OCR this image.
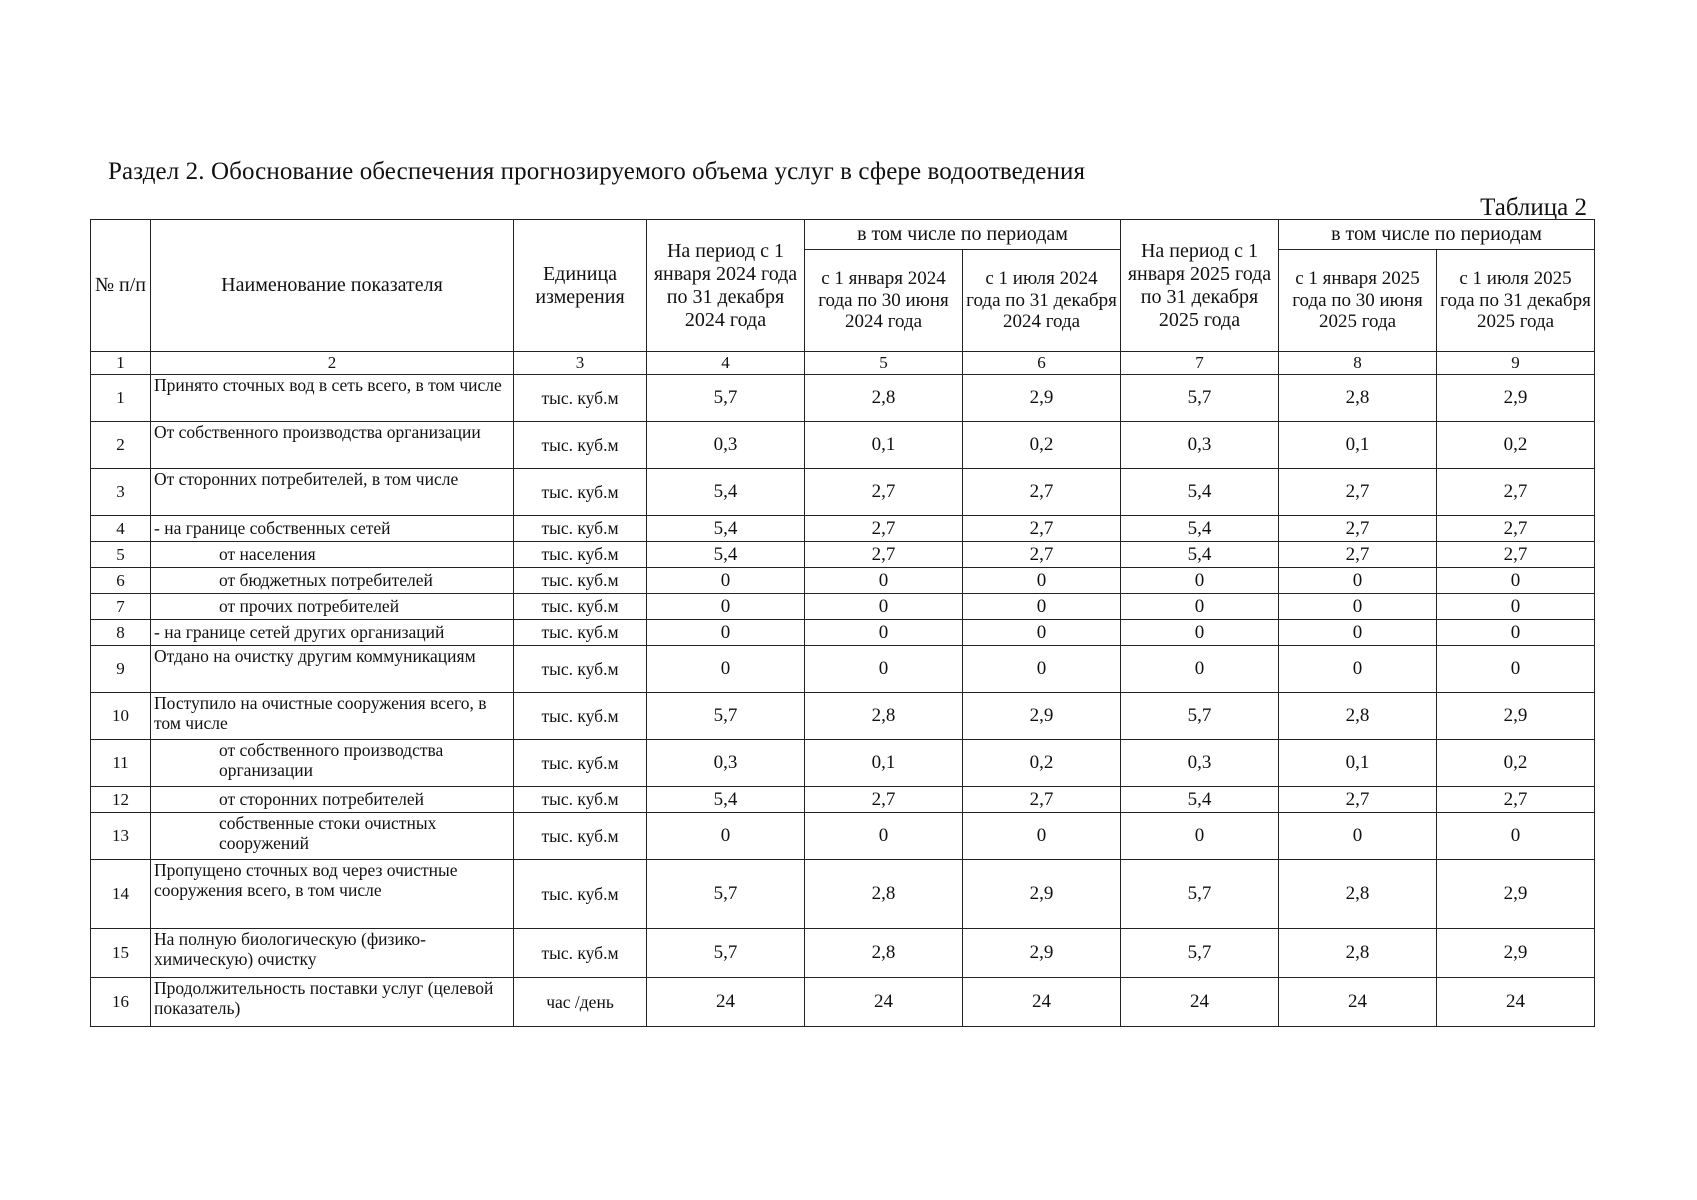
Раздел 2. Обоснование обеспечения прогнозируемого объема услуг в сфере водоотведения
Таблица 2
№ п/п	Наименование показателя	Единица измерения	На период с 1 января 2024 года по 31 декабря 2024 года	в том числе по периодам		На период с 1 января 2025 года по 31 декабря 2025 года	в том числе по периодам	
				с 1 января 2024 года по 30 июня 2024 года	с 1 июля 2024 года по 31 декабря 2024 года		с 1 января 2025 года по 30 июня 2025 года	с 1 июля 2025 года по 31 декабря 2025 года
1	2	3	4	5	6	7	8	9
1	Принято сточных вод в сеть всего, в том числе	тыс. куб.м	5,7	2,8	2,9	5,7	2,8	2,9
2	От собственного производства организации	тыс. куб.м	0,3	0,1	0,2	0,3	0,1	0,2
3	От сторонних потребителей, в том числе	тыс. куб.м	5,4	2,7	2,7	5,4	2,7	2,7
4	- на границе собственных сетей	тыс. куб.м	5,4	2,7	2,7	5,4	2,7	2,7
5	от населения	тыс. куб.м	5,4	2,7	2,7	5,4	2,7	2,7
6	от бюджетных потребителей	тыс. куб.м	0	0	0	0	0	0
7	от прочих потребителей	тыс. куб.м	0	0	0	0	0	0
8	- на границе сетей других организаций	тыс. куб.м	0	0	0	0	0	0
9	Отдано на очистку другим коммуникациям	тыс. куб.м	0	0	0	0	0	0
10	Поступило на очистные сооружения всего, в том числе	тыс. куб.м	5,7	2,8	2,9	5,7	2,8	2,9
11	от собственного производства организации	тыс. куб.м	0,3	0,1	0,2	0,3	0,1	0,2
12	от сторонних потребителей	тыс. куб.м	5,4	2,7	2,7	5,4	2,7	2,7
13	собственные стоки очистных сооружений	тыс. куб.м	0	0	0	0	0	0
14	Пропущено сточных вод через очистные сооружения всего, в том числе	тыс. куб.м	5,7	2,8	2,9	5,7	2,8	2,9
15	На полную биологическую (физико-химическую) очистку	тыс. куб.м	5,7	2,8	2,9	5,7	2,8	2,9
16	Продолжительность поставки услуг (целевой показатель)	час /день	24	24	24	24	24	24
